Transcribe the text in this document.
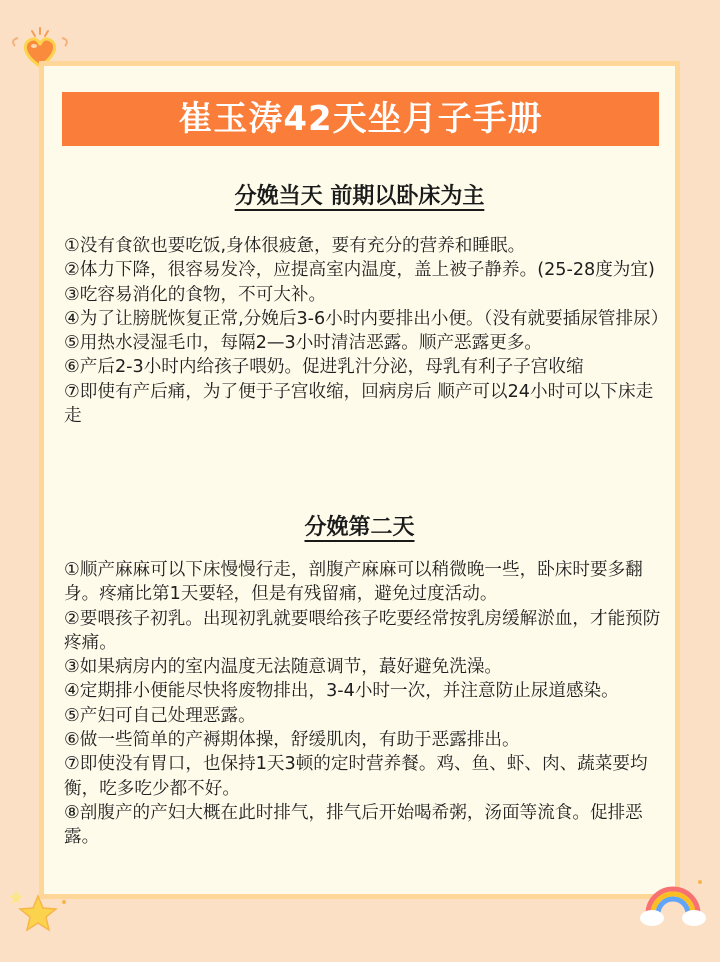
崔玉涛42天坐月子手册
分娩当天 前期以卧床为主
①没有食欲也要吃饭,身体很疲惫，要有充分的营养和睡眠。
②体力下降，很容易发冷，应提高室内温度，盖上被子静养。(25-28度为宜)
③吃容易消化的食物，不可大补。
④为了让膀胱恢复正常,分娩后3-6小时内要排出小便。（没有就要插尿管排尿）
⑤用热水浸湿毛巾，每隔2—3小时清洁恶露。顺产恶露更多。
⑥产后2-3小时内给孩子喂奶。促进乳汁分泌，母乳有利子子宫收缩
⑦即使有产后痛，为了便于子宫收缩，回病房后 顺产可以24小时可以下床走走
分娩第二天
①顺产麻麻可以下床慢慢行走，剖腹产麻麻可以稍微晚一些，卧床时要多翻身。疼痛比第1天要轻，但是有残留痛，避免过度活动。
②要喂孩子初乳。出现初乳就要喂给孩子吃要经常按乳房缓解淤血，才能预防疼痛。
③如果病房内的室内温度无法随意调节，蕞好避免洗澡。
④定期排小便能尽快将废物排出，3-4小时一次，并注意防止尿道感染。
⑤产妇可自己处理恶露。
⑥做一些简单的产褥期体操，舒缓肌肉，有助于恶露排出。
⑦即使没有胃口，也保持1天3顿的定时营养餐。鸡、鱼、虾、肉、蔬菜要均衡，吃多吃少都不好。
⑧剖腹产的产妇大概在此时排气，排气后开始喝希粥，汤面等流食。促排恶露。
